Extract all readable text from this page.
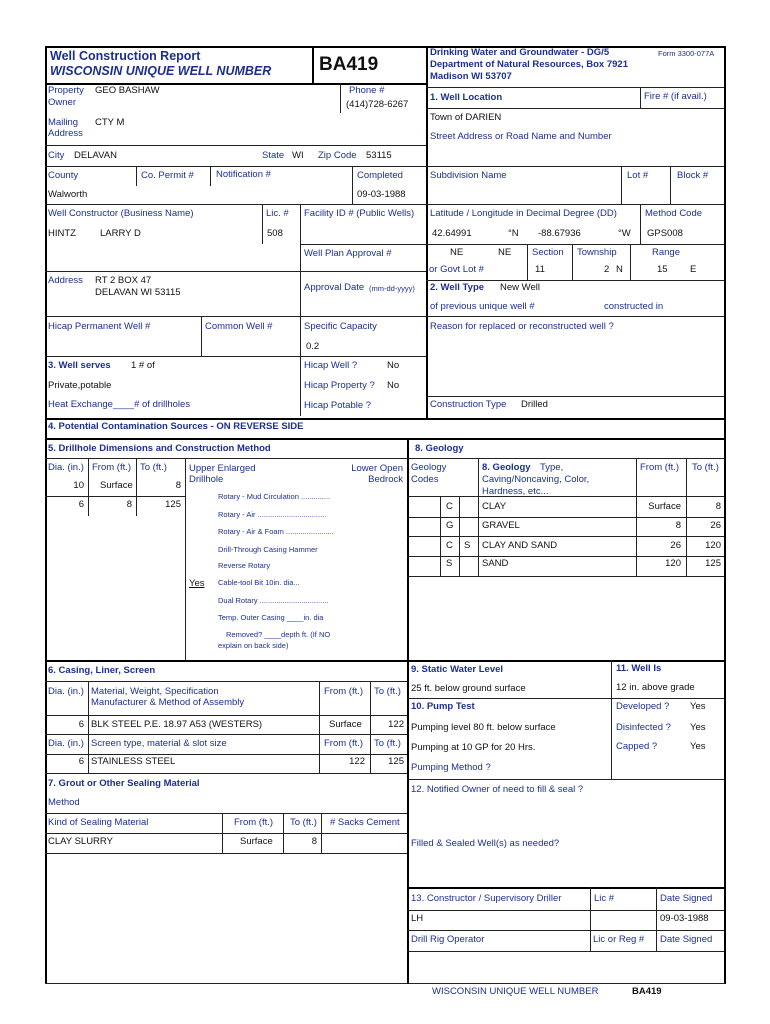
Well Construction Report
WISCONSIN UNIQUE WELL NUMBER	BA419
Drinking Water and Groundwater - DG/5
Department of Natural Resources, Box 7921
Madison WI 53707
Form 3300-077A
Property
Owner
GEO BASHAW	Phone #
(414)728-6267
Mailing
Address
CTY M
City DELAVAN	State WI Zip Code 53115
County	Co. Permit # Notification #	Completed
Walworth	09-03-1988
Well Constructor (Business Name)	Lic. # Facility ID # (Public Wells)
HINTZ	LARRY D	508
Well Plan Approval #
Address RT 2 BOX 47
DELAVAN WI 53115	Approval Date (mm-dd-yyyy)
Hicap Permanent Well #	Common Well #	Specific Capacity
0.2
1. Well Location	Fire # (if avail.)
Town of DARIEN
Street Address or Road Name and Number
Subdivision Name	Lot #	Block #
Latitude / Longitude in Decimal Degree (DD)	Method Code
42.64991	°N -88.67936	°W GPS008
NE	NE Section Township	Range
or Govt Lot #	11	2 N	15 E
2. Well Type New Well
of previous unique well #	constructed in
Reason for replaced or reconstructed well ?
Construction Type Drilled
3. Well serves 1 # of
Private,potable
Heat Exchange____# of drillholes
Hicap Well ?	No
Hicap Property ? No
Hicap Potable ?
4. Potential Contamination Sources - ON REVERSE SIDE
5. Drillhole Dimensions and Construction Method
Dia. (in.) From (ft.) To (ft.) Upper Enlarged
Drillhole
Lower Open
Bedrock
10 Surface	8
6	8	125
Rotary - Mud Circulation ..............
Rotary - Air .................................
Rotary - Air & Foam .......................
Drill-Through Casing Hammer
Reverse Rotary
Yes Cable-tool Bit 10in. dia...
Dual Rotary .................................
Temp. Outer Casing ____in. dia
Removed? ____depth ft. (If NO
explain on back side)
8. Geology
Geology
Codes
8. Geology Type,
Caving/Noncaving, Color,
Hardness, etc...
From (ft.) To (ft.)
C	CLAY	Surface	8
G	GRAVEL	8	26
C S CLAY AND SAND	26	120
S	SAND	120	125
6. Casing, Liner, Screen
Dia. (in.) Material, Weight, Specification
Manufacturer & Method of Assembly
From (ft.) To (ft.)
6 BLK STEEL P.E. 18.97 A53 (WESTERS)	Surface	122
Dia. (in.) Screen type, material & slot size	From (ft.) To (ft.)
6 STAINLESS STEEL	122	125
7. Grout or Other Sealing Material
Method
Kind of Sealing Material	From (ft.) To (ft.) # Sacks Cement
CLAY SLURRY	Surface	8
9. Static Water Level
25 ft. below ground surface
10. Pump Test
Pumping level 80 ft. below surface
Pumping at 10 GP for 20 Hrs.
Pumping Method ?
11. Well Is
12 in. above grade
Developed ? Yes
Disinfected ? Yes
Capped ?	Yes
12. Notified Owner of need to fill & seal ?
Filled & Sealed Well(s) as needed?
13. Constructor / Supervisory Driller	Lic #	Date Signed
LH	09-03-1988
Drill Rig Operator	Lic or Reg # Date Signed
WISCONSIN UNIQUE WELL NUMBER	BA419
